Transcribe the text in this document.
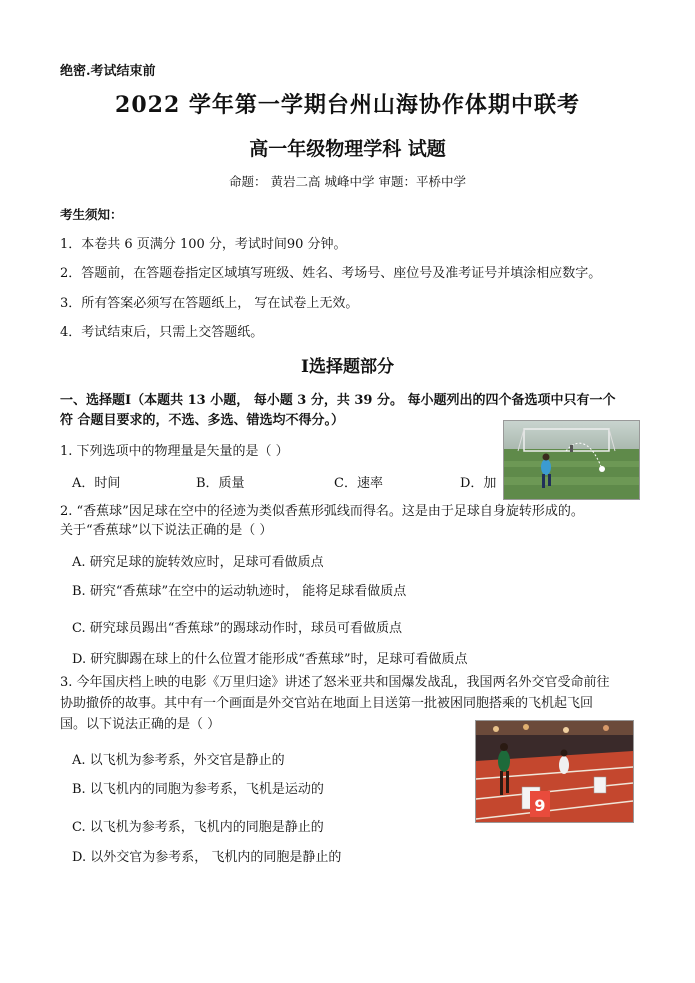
绝密.考试结束前
2022 学年第一学期台州山海协作体期中联考
高一年级物理学科 试题
命题： 黄岩二高 城峰中学 审题：平桥中学
考生须知：
1．本卷共 6 页满分 100 分，考试时间90 分钟。
2．答题前，在答题卷指定区域填写班级、姓名、考场号、座位号及准考证号并填涂相应数字。
3．所有答案必须写在答题纸上， 写在试卷上无效。
4．考试结束后，只需上交答题纸。
Ⅰ选择题部分
一、选择题Ⅰ（本题共 13 小题， 每小题 3 分，共 39 分。 每小题列出的四个备选项中只有一个
符 合题目要求的，不选、多选、错选均不得分。）
1. 下列选项中的物理量是矢量的是（ ）
A．时间	B．质量	C．速率	D．加
2. “香蕉球”因足球在空中的径迹为类似香蕉形弧线而得名。这是由于足球自身旋转形成的。
关于“香蕉球”以下说法正确的是（ ）
A. 研究足球的旋转效应时，足球可看做质点
B. 研究“香蕉球”在空中的运动轨迹时， 能将足球看做质点
C. 研究球员踢出“香蕉球”的踢球动作时，球员可看做质点
D. 研究脚踢在球上的什么位置才能形成“香蕉球”时，足球可看做质点
3. 今年国庆档上映的电影《万里归途》讲述了怒米亚共和国爆发战乱，我国两名外交官受命前往
协助撤侨的故事。其中有一个画面是外交官站在地面上目送第一批被困同胞搭乘的飞机起飞回
国。以下说法正确的是（ ）
A. 以飞机为参考系，外交官是静止的
B. 以飞机内的同胞为参考系，飞机是运动的
C. 以飞机为参考系，飞机内的同胞是静止的
D. 以外交官为参考系， 飞机内的同胞是静止的
9
